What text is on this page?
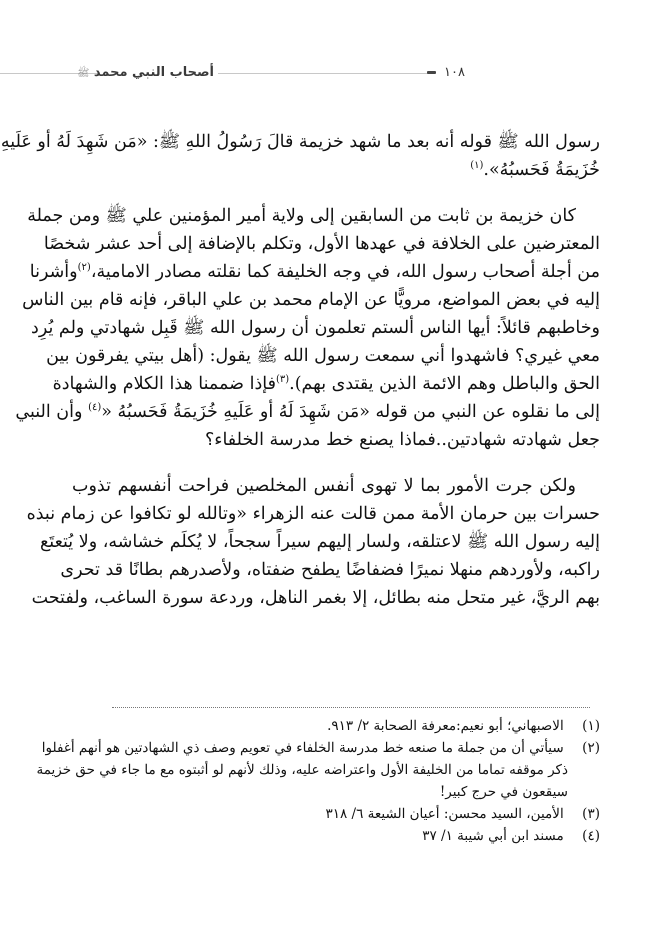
أصحاب النبي محمد ﷺ	١٠٨
رسول الله ﷺ قوله أنه بعد ما شهد خزيمة قالَ رَسُولُ اللهِ ﷺ: «مَن شَهِدَ لَهُ أو عَلَيهِ
خُزَيمَةُ فَحَسبُهُ».$^{(١)}$
كان خزيمة بن ثابت من السابقين إلى ولاية أمير المؤمنين علي ﷺ ومن جملة
المعترضين على الخلافة في عهدها الأول، وتكلم بالإضافة إلى أحد عشر شخصًا
من أجلة أصحاب رسول الله، في وجه الخليفة كما نقلته مصادر الامامية،$^{(٢)}$وأشرنا
إليه في بعض المواضع، مرويًّا عن الإمام محمد بن علي الباقر، فإنه قام بين الناس
وخاطبهم قائلاً: أيها الناس ألستم تعلمون أن رسول الله ﷺ قَبِل شهادتي ولم يُرِد
معي غيري؟ فاشهدوا أني سمعت رسول الله ﷺ يقول: (أهل بيتي يفرقون بين
الحق والباطل وهم الائمة الذين يقتدى بهم).$^{(٣)}$فإذا ضممنا هذا الكلام والشهادة
إلى ما نقلوه عن النبي من قوله «مَن شَهِدَ لَهُ أو عَلَيهِ خُزَيمَةُ فَحَسبُهُ «$^{(٤)}$ وأن النبي
جعل شهادته شهادتين..فماذا يصنع خط مدرسة الخلفاء؟
ولكن جرت الأمور بما لا تهوى أنفس المخلصين فراحت أنفسهم تذوب
حسرات بين حرمان الأمة ممن قالت عنه الزهراء «وتالله لو تكافوا عن زمام نبذه
إليه رسول الله ﷺ لاعتلقه، ولسار إليهم سيراً سجحاً، لا يُكلَم خشاشه، ولا يُتعتَع
راكبه، ولأوردهم منهلا نميرًا فضفاضًا يطفح ضفتاه، ولأصدرهم بطانًا قد تحرى
بهم الريَّ، غير متحل منه بطائل، إلا بغمر الناهل، وردعة سورة الساغب، ولفتحت
(١) الاصبهاني؛ أبو نعيم:معرفة الصحابة ٢/ ٩١٣.
(٢) سيأتي أن من جملة ما صنعه خط مدرسة الخلفاء في تعويم وصف ذي الشهادتين هو أنهم أغفلوا
ذكر موقفه تماما من الخليفة الأول واعتراضه عليه، وذلك لأنهم لو أثبتوه مع ما جاء في حق خزيمة
سيقعون في حرج كبير!
(٣) الأمين، السيد محسن: أعيان الشيعة ٦/ ٣١٨
(٤) مسند ابن أبي شيبة ١/ ٣٧
